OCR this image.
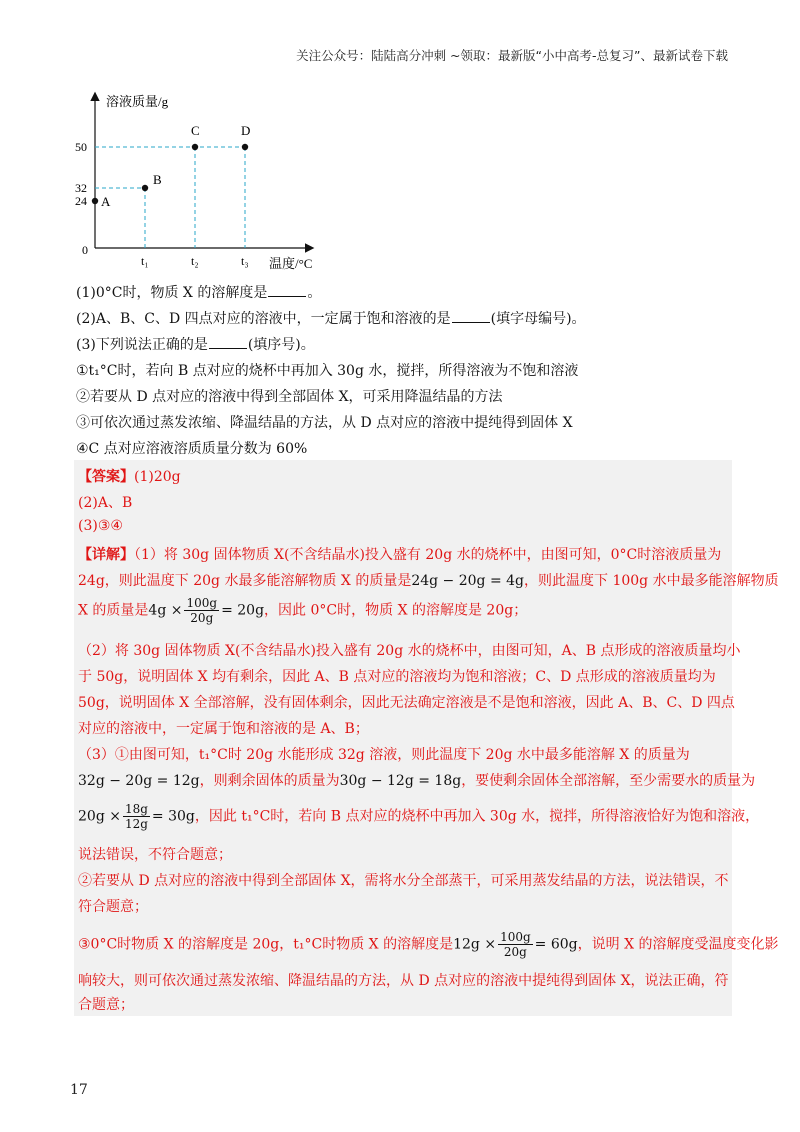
关注公众号：陆陆高分冲刺 ~领取：最新版“小中高考-总复习”、最新试卷下载
溶液质量/g
温度/°C
0
A
B
C	D
50
32
24
t₁	t₂	t₃

(1)0°C时，物质 X 的溶解度是	。

(2)A、B、C、D 四点对应的溶液中，一定属于饱和溶液的是	(填字母编号)。

(3)下列说法正确的是	(填序号)。

①t₁°C时，若向 B 点对应的烧杯中再加入 30g 水，搅拌，所得溶液为不饱和溶液

②若要从 D 点对应的溶液中得到全部固体 X，可采用降温结晶的方法

③可依次通过蒸发浓缩、降温结晶的方法，从 D 点对应的溶液中提纯得到固体 X

④C 点对应溶液溶质质量分数为 60%

【答案】(1)20g
(2)A、B
(3)③④
【详解】（1）将 30g 固体物质 X(不含结晶水)投入盛有 20g 水的烧杯中，由图可知，0°C时溶液质量为
24g，则此温度下 20g 水最多能溶解物质 X 的质量是24g − 20g = 4g，则此温度下 100g 水中最多能溶解物质
X 的质量是$4g \times \frac{100g}{20g} = 20g$，因此 0°C时，物质 X 的溶解度是 20g；
（2）将 30g 固体物质 X(不含结晶水)投入盛有 20g 水的烧杯中，由图可知，A、B 点形成的溶液质量均小
于 50g，说明固体 X 均有剩余，因此 A、B 点对应的溶液均为饱和溶液；C、D 点形成的溶液质量均为
50g，说明固体 X 全部溶解，没有固体剩余，因此无法确定溶液是不是饱和溶液，因此 A、B、C、D 四点
对应的溶液中，一定属于饱和溶液的是 A、B；
（3）①由图可知，t₁°C时 20g 水能形成 32g 溶液，则此温度下 20g 水中最多能溶解 X 的质量为
32g − 20g = 12g，则剩余固体的质量为30g − 12g = 18g，要使剩余固体全部溶解，至少需要水的质量为
$20g \times \frac{18g}{12g} = 30g$，因此 t₁°C时，若向 B 点对应的烧杯中再加入 30g 水，搅拌，所得溶液恰好为饱和溶液，
说法错误，不符合题意；
②若要从 D 点对应的溶液中得到全部固体 X，需将水分全部蒸干，可采用蒸发结晶的方法，说法错误，不
符合题意；
③0°C时物质 X 的溶解度是 20g，t₁°C时物质 X 的溶解度是$12g \times \frac{100g}{20g} = 60g$，说明 X 的溶解度受温度变化影
响较大，则可依次通过蒸发浓缩、降温结晶的方法，从 D 点对应的溶液中提纯得到固体 X，说法正确，符
合题意；
17
